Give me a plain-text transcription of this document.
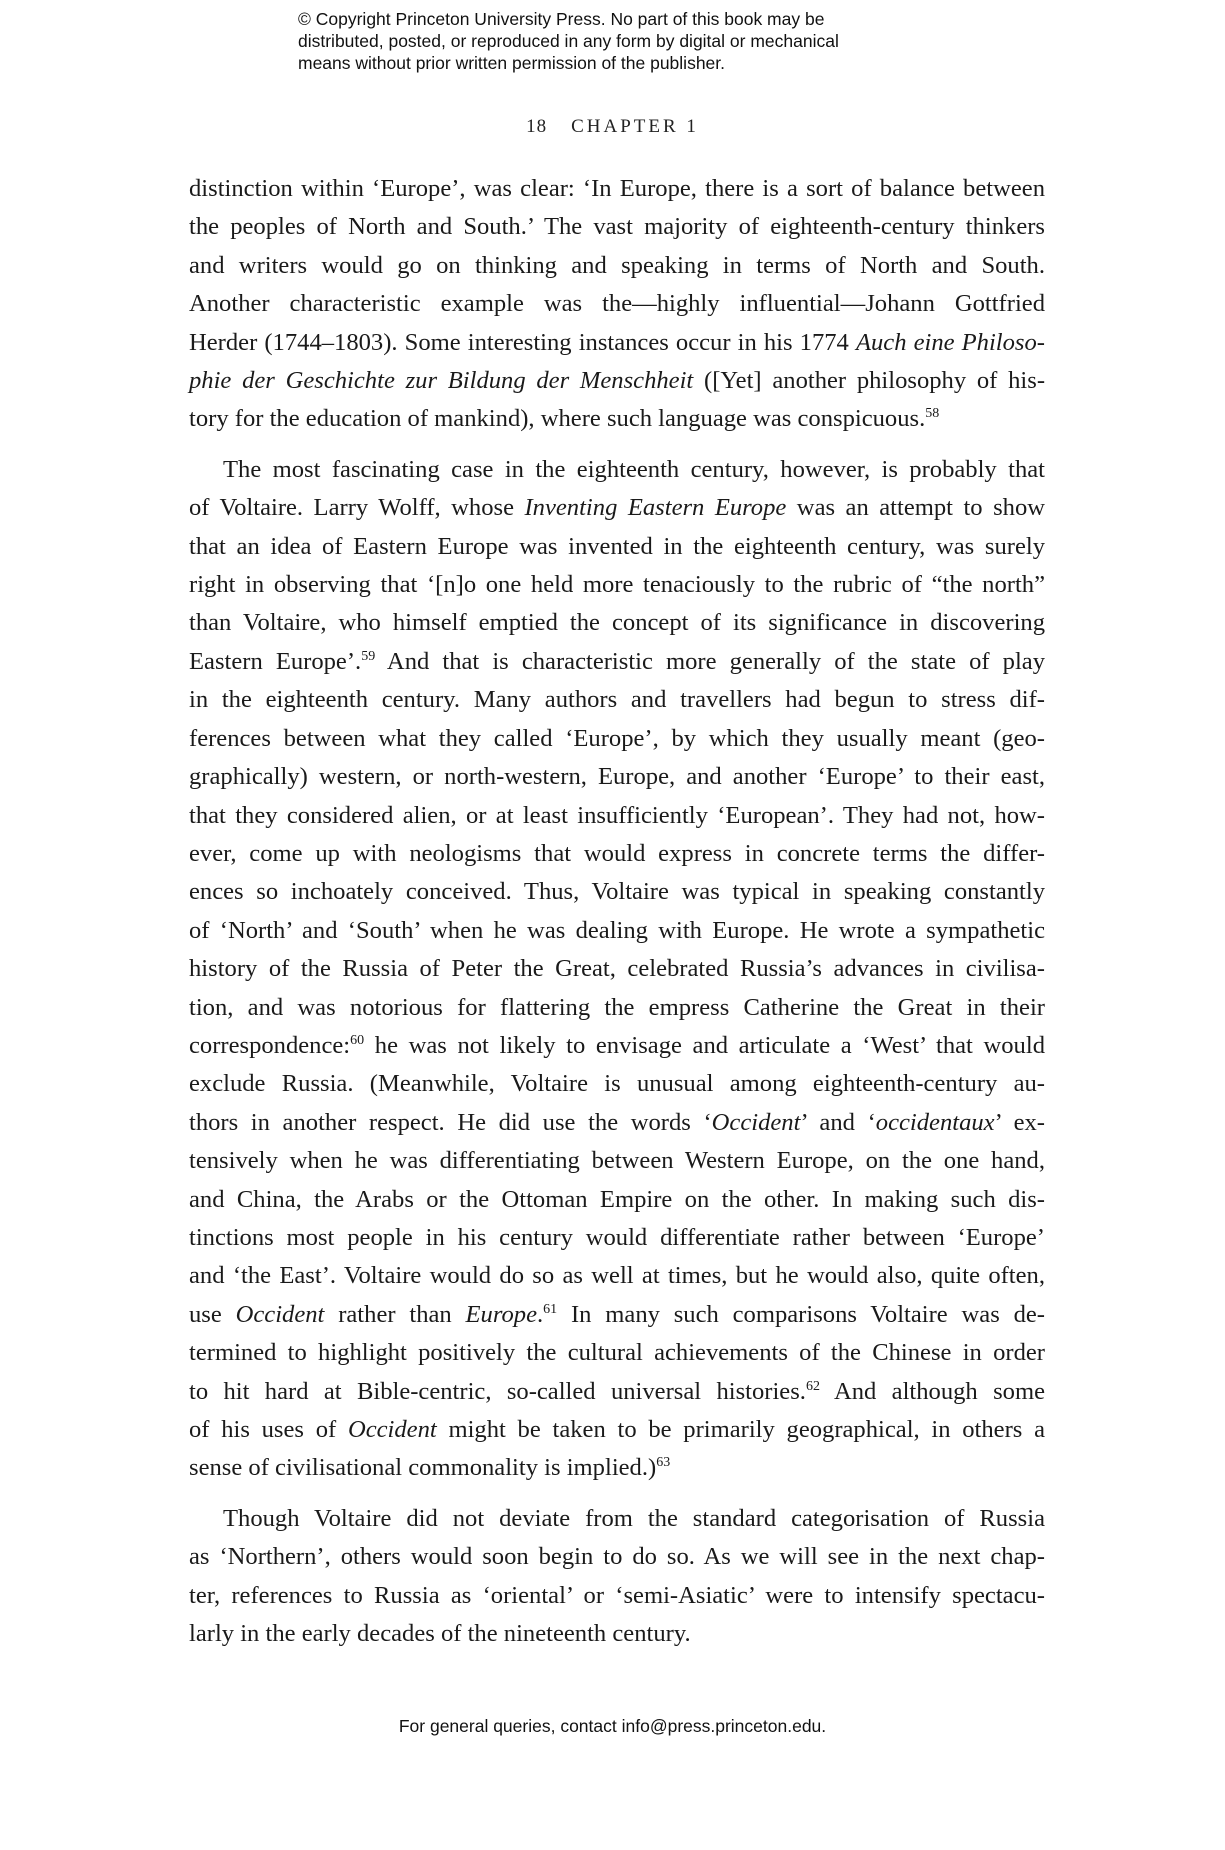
© Copyright Princeton University Press. No part of this book may be
distributed, posted, or reproduced in any form by digital or mechanical
means without prior written permission of the publisher.
18 CHAPTER 1

distinction within ‘Europe’, was clear: ‘In Europe, there is a sort of balance between
the peoples of North and South.’ The vast majority of eighteenth-century thinkers
and writers would go on thinking and speaking in terms of North and South.
Another characteristic example was the—highly influential—Johann Gottfried
Herder (1744–1803). Some interesting instances occur in his 1774 Auch eine Philoso-
phie der Geschichte zur Bildung der Menschheit ([Yet] another philosophy of his-
tory for the education of mankind), where such language was conspicuous.$^{58}$

The most fascinating case in the eighteenth century, however, is probably that
of Voltaire. Larry Wolff, whose Inventing Eastern Europe was an attempt to show
that an idea of Eastern Europe was invented in the eighteenth century, was surely
right in observing that ‘[n]o one held more tenaciously to the rubric of “the north”
than Voltaire, who himself emptied the concept of its significance in discovering
Eastern Europe’.$^{59}$ And that is characteristic more generally of the state of play
in the eighteenth century. Many authors and travellers had begun to stress dif-
ferences between what they called ‘Europe’, by which they usually meant (geo-
graphically) western, or north-western, Europe, and another ‘Europe’ to their east,
that they considered alien, or at least insufficiently ‘European’. They had not, how-
ever, come up with neologisms that would express in concrete terms the differ-
ences so inchoately conceived. Thus, Voltaire was typical in speaking constantly
of ‘North’ and ‘South’ when he was dealing with Europe. He wrote a sympathetic
history of the Russia of Peter the Great, celebrated Russia’s advances in civilisa-
tion, and was notorious for flattering the empress Catherine the Great in their
correspondence:$^{60}$ he was not likely to envisage and articulate a ‘West’ that would
exclude Russia. (Meanwhile, Voltaire is unusual among eighteenth-century au-
thors in another respect. He did use the words ‘Occident’ and ‘occidentaux’ ex-
tensively when he was differentiating between Western Europe, on the one hand,
and China, the Arabs or the Ottoman Empire on the other. In making such dis-
tinctions most people in his century would differentiate rather between ‘Europe’
and ‘the East’. Voltaire would do so as well at times, but he would also, quite often,
use Occident rather than Europe.$^{61}$ In many such comparisons Voltaire was de-
termined to highlight positively the cultural achievements of the Chinese in order
to hit hard at Bible-centric, so-called universal histories.$^{62}$ And although some
of his uses of Occident might be taken to be primarily geographical, in others a
sense of civilisational commonality is implied.)$^{63}$

Though Voltaire did not deviate from the standard categorisation of Russia
as ‘Northern’, others would soon begin to do so. As we will see in the next chap-
ter, references to Russia as ‘oriental’ or ‘semi-Asiatic’ were to intensify spectacu-
larly in the early decades of the nineteenth century.

For general queries, contact info@press.princeton.edu.
